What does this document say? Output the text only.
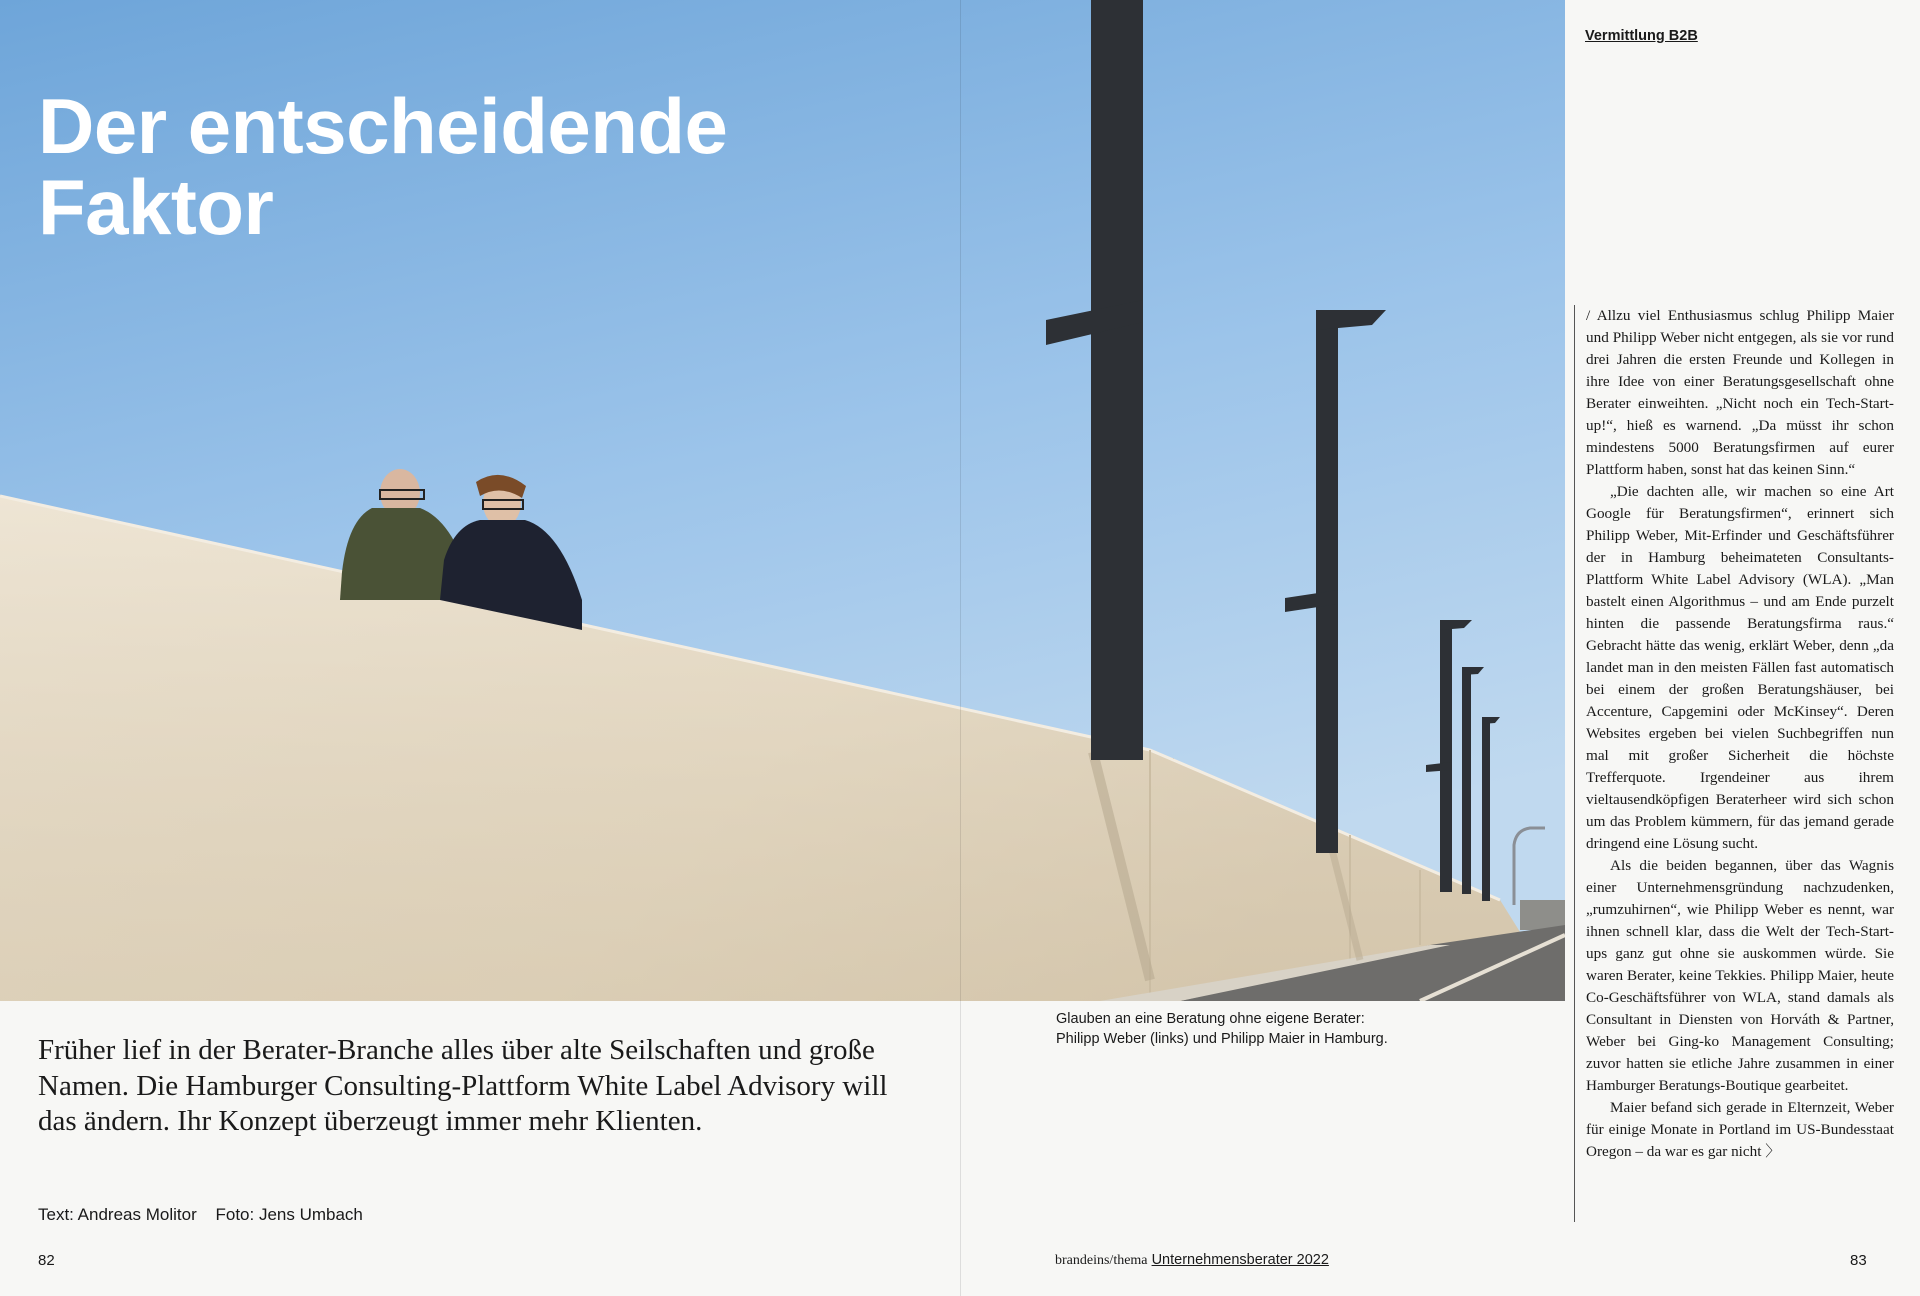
Der entscheidende
Faktor

Früher lief in der Berater-Branche alles über alte Seilschaften und große Namen. Die Hamburger Consulting-Plattform White Label Advisory will das ändern. Ihr Konzept überzeugt immer mehr Klienten.

Text: Andreas Molitor Foto: Jens Umbach

Glauben an eine Beratung ohne eigene Berater:
Philipp Weber (links) und Philipp Maier in Hamburg.

Vermittlung B2B

/ Allzu viel Enthusiasmus schlug Philipp Maier und Philipp Weber nicht entgegen, als sie vor rund drei Jahren die ersten Freunde und Kollegen in ihre Idee von einer Beratungsgesellschaft ohne Berater einweihten. „Nicht noch ein Tech-Start-up!“, hieß es warnend. „Da müsst ihr schon mindestens 5000 Beratungsfirmen auf eurer Plattform haben, sonst hat das keinen Sinn.“

„Die dachten alle, wir machen so eine Art Google für Beratungsfirmen“, erinnert sich Philipp Weber, Mit-Erfinder und Geschäftsführer der in Hamburg beheimateten Consultants-Plattform White Label Advisory (WLA). „Man bastelt einen Algorithmus – und am Ende purzelt hinten die passende Beratungsfirma raus.“ Gebracht hätte das wenig, erklärt Weber, denn „da landet man in den meisten Fällen fast automatisch bei einem der großen Beratungshäuser, bei Accenture, Capgemini oder McKinsey“. Deren Websites ergeben bei vielen Suchbegriffen nun mal mit großer Sicherheit die höchste Trefferquote. Irgendeiner aus ihrem vieltausendköpfigen Beraterheer wird sich schon um das Problem kümmern, für das jemand gerade dringend eine Lösung sucht.

Als die beiden begannen, über das Wagnis einer Unternehmensgründung nachzudenken, „rumzuhirnen“, wie Philipp Weber es nennt, war ihnen schnell klar, dass die Welt der Tech-Start-ups ganz gut ohne sie auskommen würde. Sie waren Berater, keine Tekkies. Philipp Maier, heute Co-Geschäftsführer von WLA, stand damals als Consultant in Diensten von Horváth & Partner, Weber bei Ging-ko Management Consulting; zuvor hatten sie etliche Jahre zusammen in einer Hamburger Beratungs-Boutique gearbeitet.

Maier befand sich gerade in Elternzeit, Weber für einige Monate in Portland im US-Bundesstaat Oregon – da war es gar nicht 〉

82	83
brandeins/thema Unternehmensberater 2022
